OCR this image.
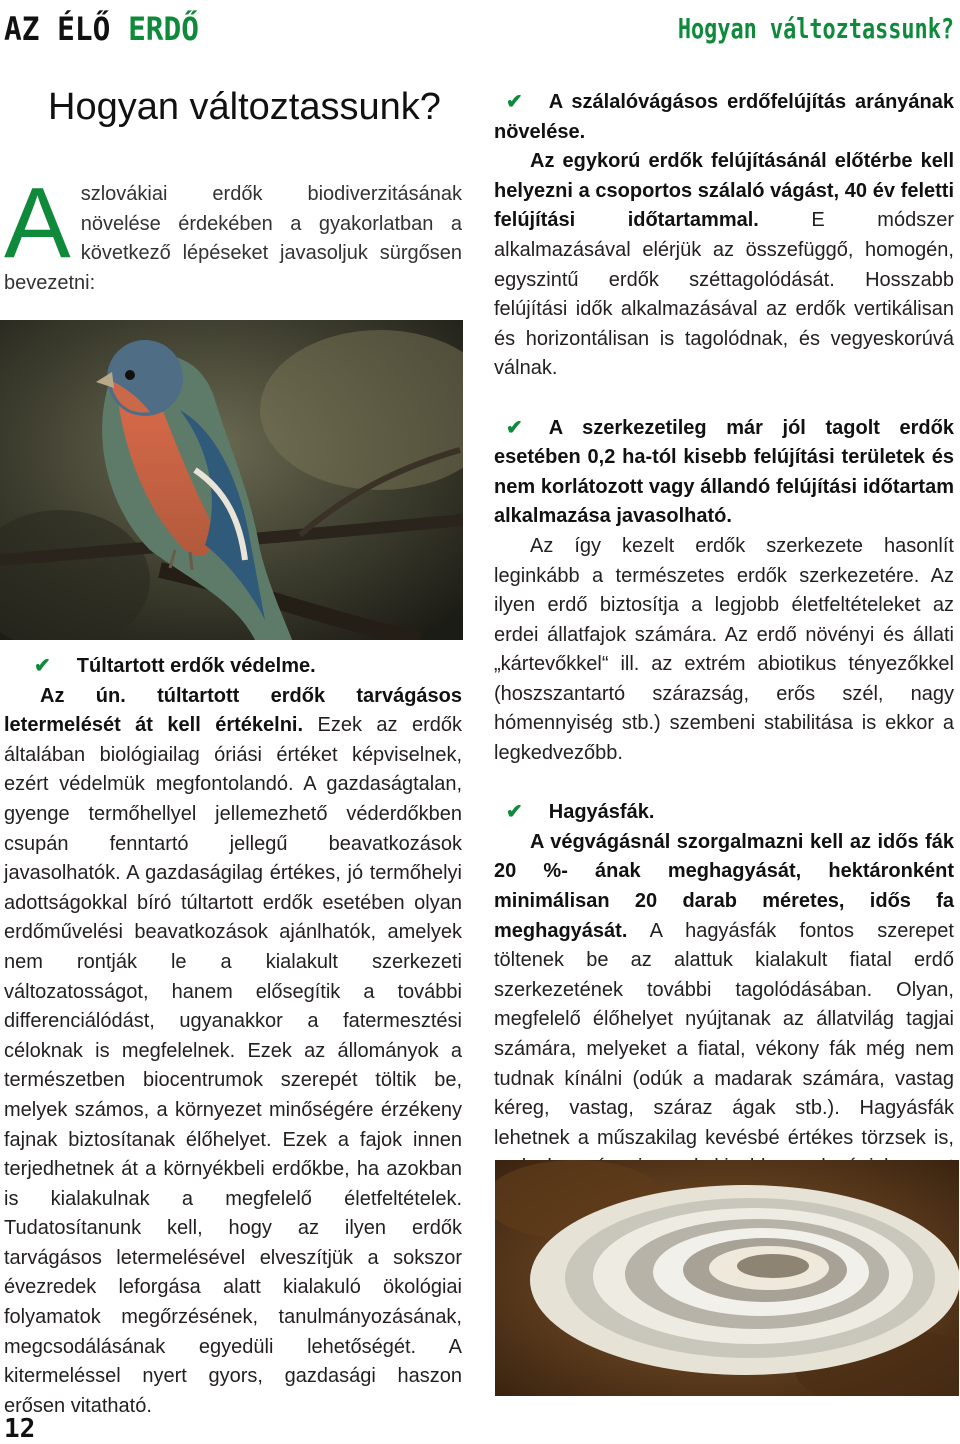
AZ ÉLŐ ERDŐ	Hogyan változtassunk?
Hogyan változtassunk?
A szlovákiai erdők biodiverzitásának növelése érdekében a gyakorlatban a következő lépéseket javasoljuk sürgősen bevezetni:

✔ Túltartott erdők védelme.

Az ún. túltartott erdők tarvágásos letermelését át kell értékelni. Ezek az erdők általában biológiailag óriási értéket képviselnek, ezért védelmük megfontolandó. A gazdaságtalan, gyenge termőhellyel jellemezhető véderdőkben csupán fenntartó jellegű beavatkozások javasolhatók. A gazdaságilag értékes, jó termőhelyi adottságokkal bíró túltartott erdők esetében olyan erdőművelési beavatkozások ajánlhatók, amelyek nem rontják le a kialakult szerkezeti változatosságot, hanem elősegítik a további differenciálódást, ugyanakkor a fatermesztési céloknak is megfelelnek. Ezek az állományok a természetben biocentrumok szerepét töltik be, melyek számos, a környezet minőségére érzékeny fajnak biztosítanak élőhelyet. Ezek a fajok innen terjedhetnek át a környékbeli erdőkbe, ha azokban is kialakulnak a megfelelő életfeltételek. Tudatosítanunk kell, hogy az ilyen erdők tarvágásos letermelésével elveszítjük a sokszor évezredek leforgása alatt kialakuló ökológiai folyamatok megőrzésének, tanulmányozásának, megcsodálásának egyedüli lehetőségét. A kitermeléssel nyert gyors, gazdasági haszon erősen vitatható.

✔ A szálalóvágásos erdőfelújítás arányának növelése.

Az egykorú erdők felújításánál előtérbe kell helyezni a csoportos szálaló vágást, 40 év feletti felújítási időtartammal.	E módszer alkalmazásával elérjük az összefüggő, homogén, egyszintű erdők széttagolódását. Hosszabb felújítási idők alkalmazásával az erdők vertikálisan és horizontálisan is tagolódnak, és vegyeskorúvá válnak.

✔ A szerkezetileg már jól tagolt erdők esetében 0,2 ha-tól kisebb felújítási területek és nem korlátozott vagy állandó felújítási időtartam alkalmazása javasolható.

Az így kezelt erdők szerkezete hasonlít leginkább a természetes erdők szerkezetére. Az ilyen erdő biztosítja a legjobb életfeltételeket az erdei állatfajok számára. Az erdő növényi és állati „kártevőkkel“ ill. az extrém abiotikus tényezőkkel (hoszszantartó szárazság, erős szél, nagy hómennyiség stb.) szembeni stabilitása is ekkor a legkedvezőbb.

✔ Hagyásfák.

A végvágásnál szorgalmazni kell az idős fák 20 %- ának meghagyását, hektáronként minimálisan 20 darab méretes, idős fa meghagyását. A hagyásfák fontos szerepet töltenek be az alattuk kialakult fiatal erdő szerkezetének további tagolódásában. Olyan, megfelelő élőhelyet nyújtanak az állatvilág tagjai számára, melyeket a fiatal, vékony fák még nem tudnak kínálni (odúk a madarak számára, vastag kéreg, vastag, száraz ágak stb.). Hagyásfák lehetnek a műszakilag kevésbé értékes törzsek is,

12
